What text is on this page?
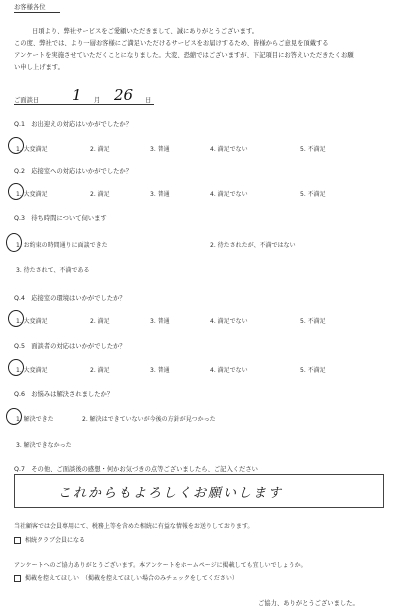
お客様各位
日頃より、弊社サービスをご愛顧いただきまして、誠にありがとうございます。
この度、弊社では、より一層お客様にご満足いただけるサービスをお届けするため、皆様からご意見を頂戴する
アンケートを実施させていただくことになりました。大変、恐縮ではございますが、下記項目にお答えいただきたくお願
い申し上げます。
ご面談日 1 月 26 日
Q.1　お出迎えの対応はいかがでしたか？
1. 大変満足	2. 満足	3. 普通	4. 満足でない	5. 不満足
Q.2　応接室への対応はいかがでしたか？
1. 大変満足	2. 満足	3. 普通	4. 満足でない	5. 不満足
Q.3　待ち時間について伺います
1. お約束の時間通りに面談できた	2. 待たされたが、不満ではない
3. 待たされて、不満である
Q.4　応接室の環境はいかがでしたか？
1. 大変満足	2. 満足	3. 普通	4. 満足でない	5. 不満足
Q.5　面談者の対応はいかがでしたか？
1. 大変満足	2. 満足	3. 普通	4. 満足でない	5. 不満足
Q.6　お悩みは解決されましたか？
1. 解決できた	2. 解決はできていないが今後の方針が見つかった
3. 解決できなかった
Q.7　その他、ご面談後の感想・何かお気づきの点等ございましたら、ご記入ください
これからもよろしくお願いします
当社顧客では会員専用にて、税務上等を含めた相続に有益な情報をお送りしております。
相続クラブ会員になる
アンケートへのご協力ありがとうございます。本アンケートをホームページに掲載しても宜しいでしょうか。
掲載を控えてほしい　（掲載を控えてほしい場合のみチェックをしてください）
ご協力、ありがとうございました。
